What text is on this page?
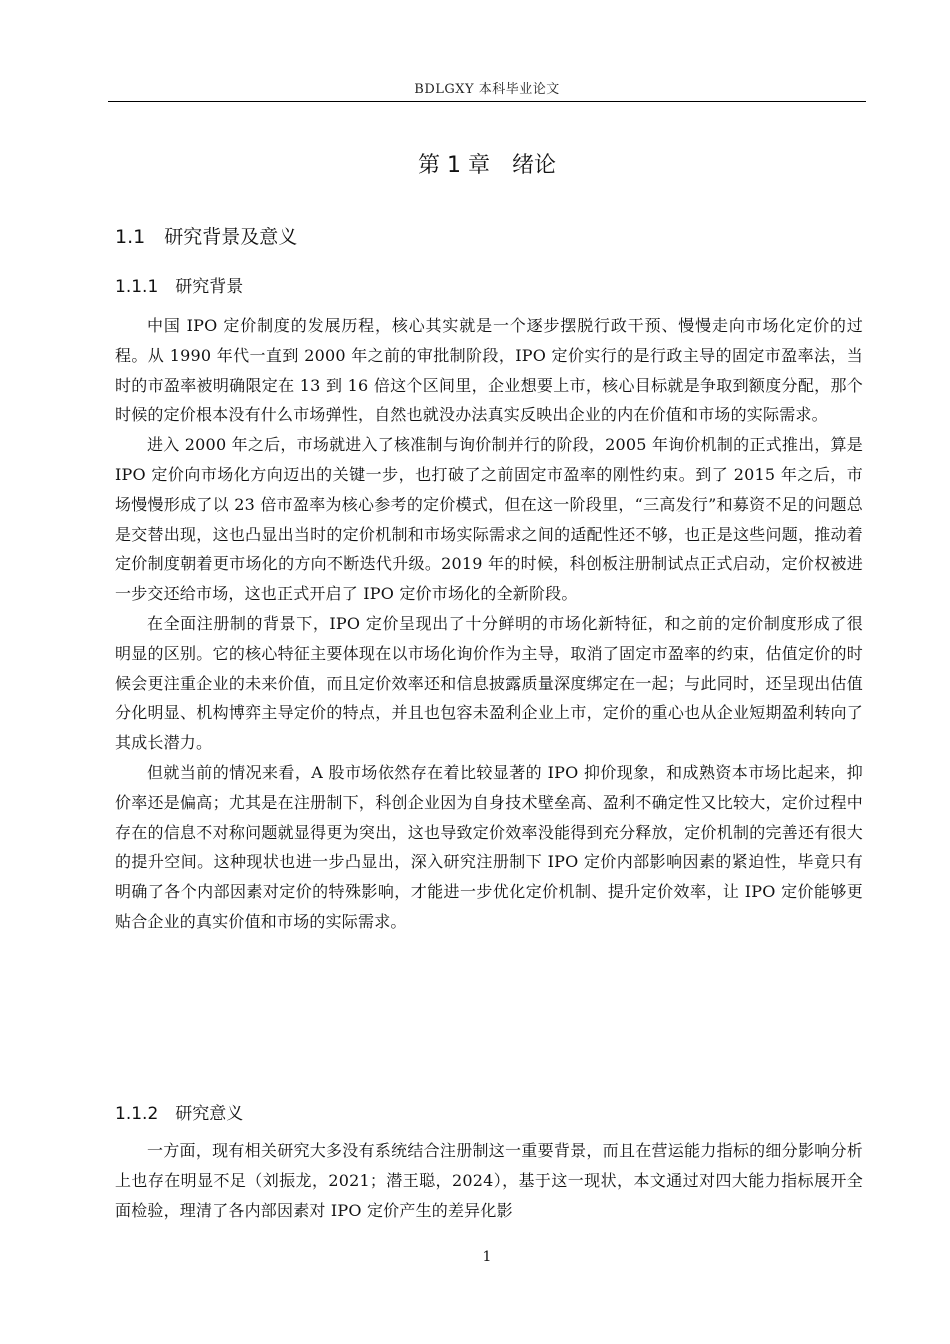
BDLGXY 本科毕业论文
第 1 章　绪论
1.1　研究背景及意义
1.1.1　研究背景

中国 IPO 定价制度的发展历程，核心其实就是一个逐步摆脱行政干预、慢慢走向市场化定价的过程。从 1990 年代一直到 2000 年之前的审批制阶段，IPO 定价实行的是行政主导的固定市盈率法，当时的市盈率被明确限定在 13 到 16 倍这个区间里，企业想要上市，核心目标就是争取到额度分配，那个时候的定价根本没有什么市场弹性，自然也就没办法真实反映出企业的内在价值和市场的实际需求。

进入 2000 年之后，市场就进入了核准制与询价制并行的阶段，2005 年询价机制的正式推出，算是 IPO 定价向市场化方向迈出的关键一步，也打破了之前固定市盈率的刚性约束。到了 2015 年之后，市场慢慢形成了以 23 倍市盈率为核心参考的定价模式，但在这一阶段里，“三高发行”和募资不足的问题总是交替出现，这也凸显出当时的定价机制和市场实际需求之间的适配性还不够，也正是这些问题，推动着定价制度朝着更市场化的方向不断迭代升级。2019 年的时候，科创板注册制试点正式启动，定价权被进一步交还给市场，这也正式开启了 IPO 定价市场化的全新阶段。

在全面注册制的背景下，IPO 定价呈现出了十分鲜明的市场化新特征，和之前的定价制度形成了很明显的区别。它的核心特征主要体现在以市场化询价作为主导，取消了固定市盈率的约束，估值定价的时候会更注重企业的未来价值，而且定价效率还和信息披露质量深度绑定在一起；与此同时，还呈现出估值分化明显、机构博弈主导定价的特点，并且也包容未盈利企业上市，定价的重心也从企业短期盈利转向了其成长潜力。

但就当前的情况来看，A 股市场依然存在着比较显著的 IPO 抑价现象，和成熟资本市场比起来，抑价率还是偏高；尤其是在注册制下，科创企业因为自身技术壁垒高、盈利不确定性又比较大，定价过程中存在的信息不对称问题就显得更为突出，这也导致定价效率没能得到充分释放，定价机制的完善还有很大的提升空间。这种现状也进一步凸显出，深入研究注册制下 IPO 定价内部影响因素的紧迫性，毕竟只有明确了各个内部因素对定价的特殊影响，才能进一步优化定价机制、提升定价效率，让 IPO 定价能够更贴合企业的真实价值和市场的实际需求。

1.1.2　研究意义

一方面，现有相关研究大多没有系统结合注册制这一重要背景，而且在营运能力指标的细分影响分析上也存在明显不足（刘振龙，2021；潜王聪，2024），基于这一现状，本文通过对四大能力指标展开全面检验，理清了各内部因素对 IPO 定价产生的差异化影

1
